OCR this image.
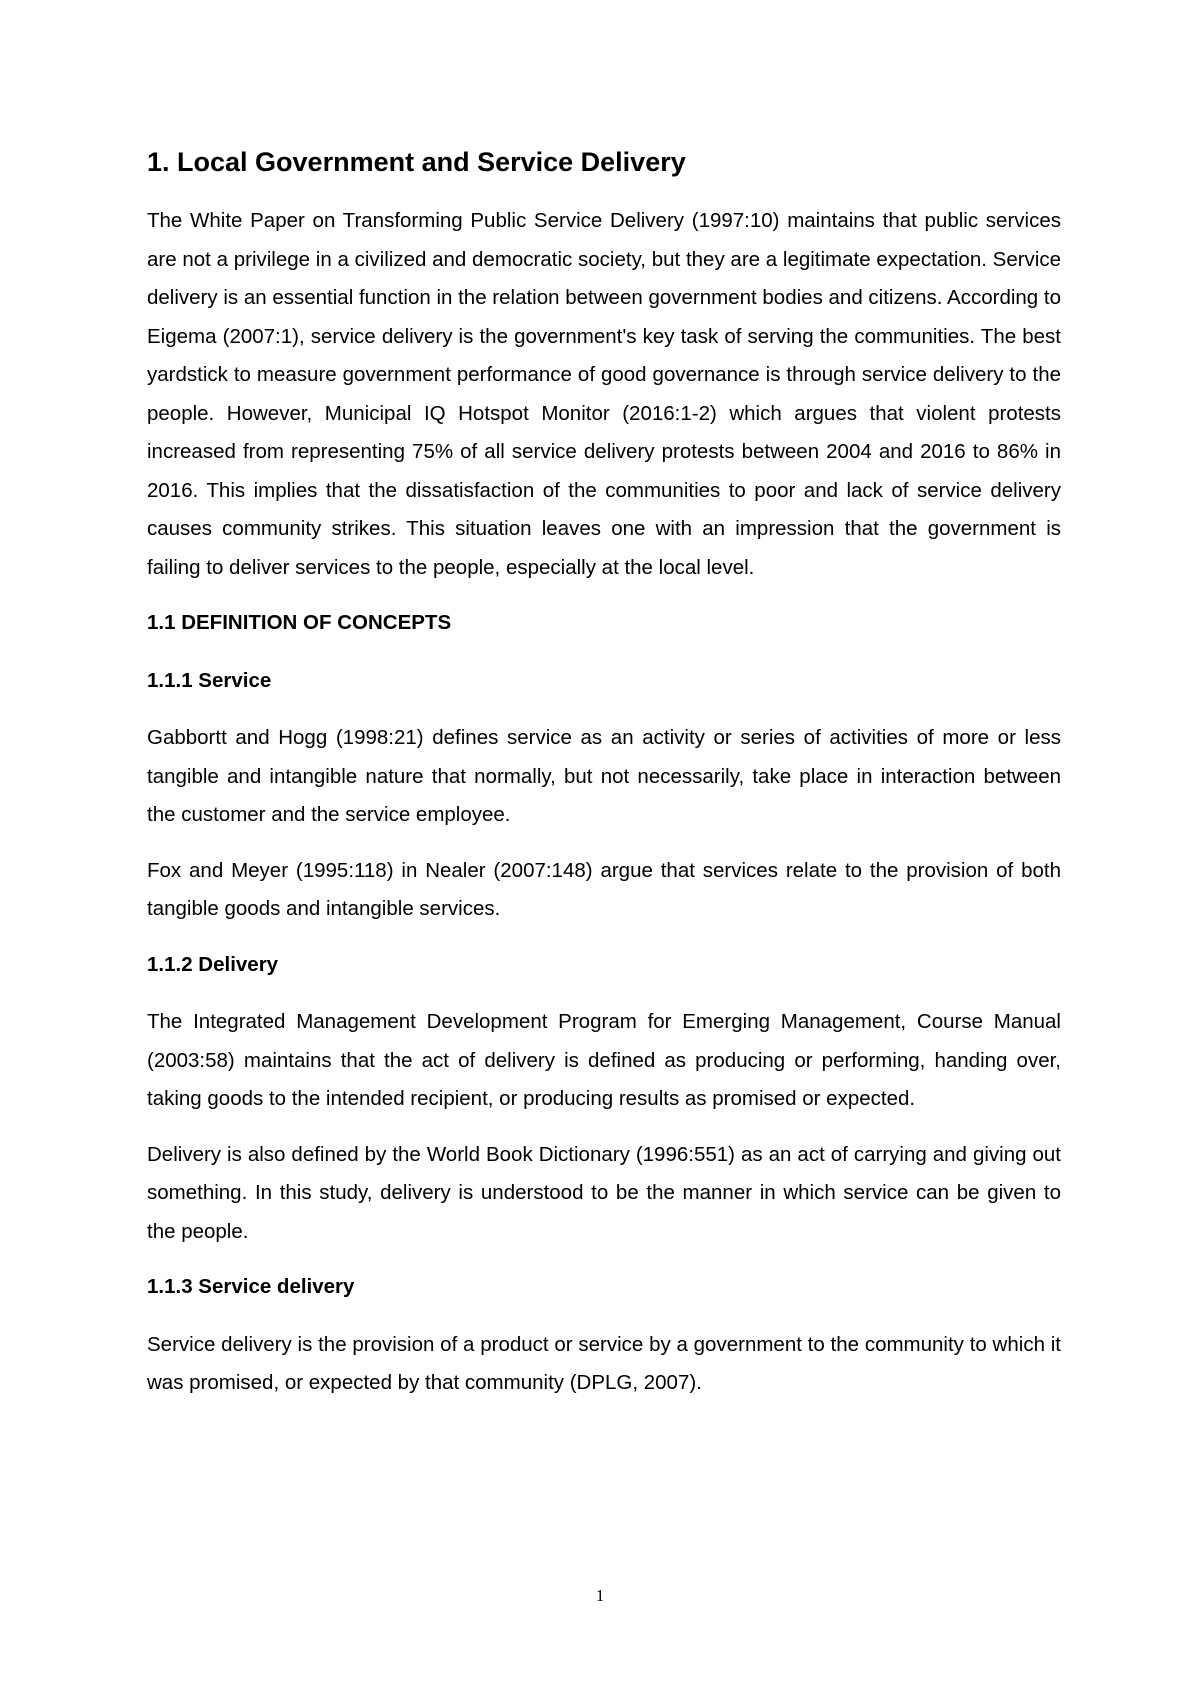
1. Local Government and Service Delivery

The White Paper on Transforming Public Service Delivery (1997:10) maintains that public services are not a privilege in a civilized and democratic society, but they are a legitimate expectation. Service delivery is an essential function in the relation between government bodies and citizens. According to Eigema (2007:1), service delivery is the government's key task of serving the communities. The best yardstick to measure government performance of good governance is through service delivery to the people. However, Municipal IQ Hotspot Monitor (2016:1-2) which argues that violent protests increased from representing 75% of all service delivery protests between 2004 and 2016 to 86% in 2016. This implies that the dissatisfaction of the communities to poor and lack of service delivery causes community strikes. This situation leaves one with an impression that the government is failing to deliver services to the people, especially at the local level.

1.1 DEFINITION OF CONCEPTS
1.1.1 Service

Gabbortt and Hogg (1998:21) defines service as an activity or series of activities of more or less tangible and intangible nature that normally, but not necessarily, take place in interaction between the customer and the service employee.

Fox and Meyer (1995:118) in Nealer (2007:148) argue that services relate to the provision of both tangible goods and intangible services.

1.1.2 Delivery

The Integrated Management Development Program for Emerging Management, Course Manual (2003:58) maintains that the act of delivery is defined as producing or performing, handing over, taking goods to the intended recipient, or producing results as promised or expected.

Delivery is also defined by the World Book Dictionary (1996:551) as an act of carrying and giving out something. In this study, delivery is understood to be the manner in which service can be given to the people.

1.1.3 Service delivery

Service delivery is the provision of a product or service by a government to the community to which it was promised, or expected by that community (DPLG, 2007).

1
